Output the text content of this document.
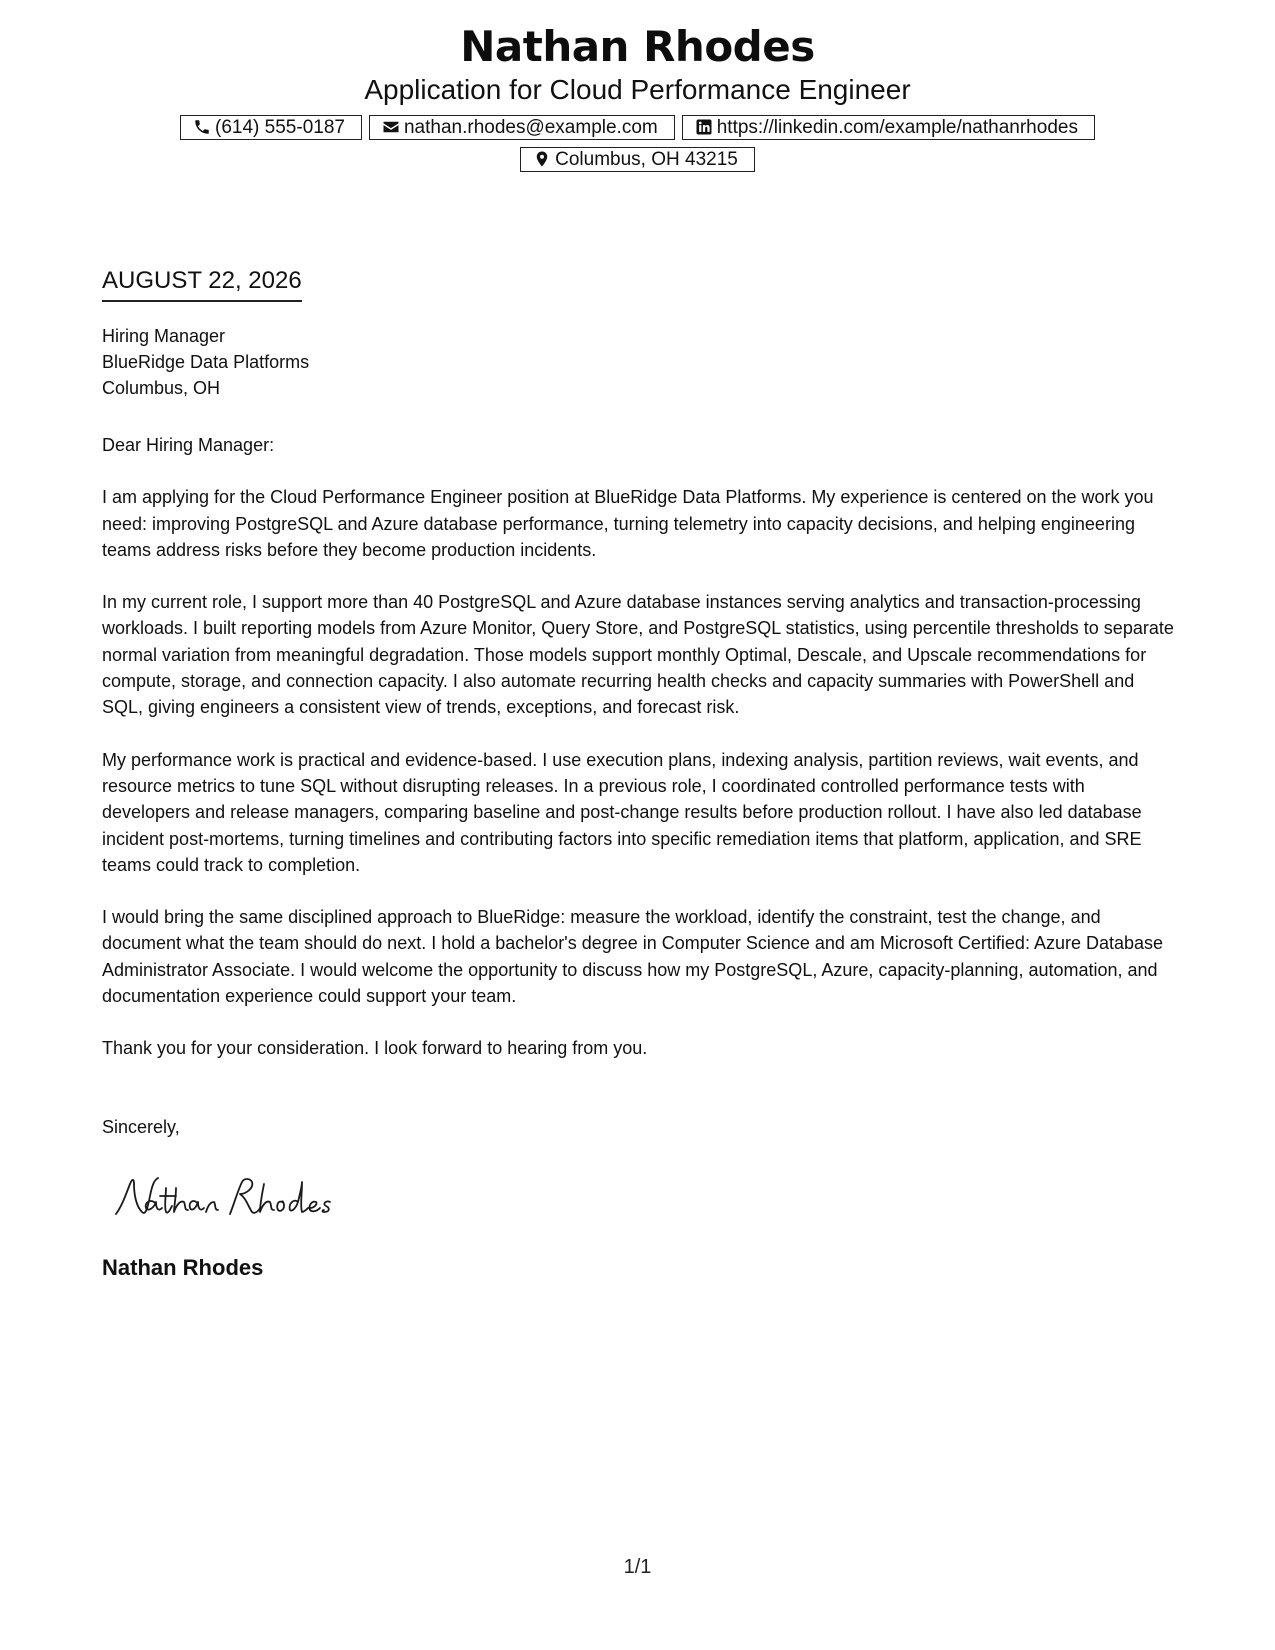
Nathan Rhodes
Application for Cloud Performance Engineer
(614) 555-0187	nathan.rhodes@example.com	https://linkedin.com/example/nathanrhodes
Columbus, OH 43215
AUGUST 22, 2026
Hiring Manager
BlueRidge Data Platforms
Columbus, OH

Dear Hiring Manager:

I am applying for the Cloud Performance Engineer position at BlueRidge Data Platforms. My experience is centered on the work you need: improving PostgreSQL and Azure database performance, turning telemetry into capacity decisions, and helping engineering teams address risks before they become production incidents.

In my current role, I support more than 40 PostgreSQL and Azure database instances serving analytics and transaction-processing workloads. I built reporting models from Azure Monitor, Query Store, and PostgreSQL statistics, using percentile thresholds to separate normal variation from meaningful degradation. Those models support monthly Optimal, Descale, and Upscale recommendations for compute, storage, and connection capacity. I also automate recurring health checks and capacity summaries with PowerShell and SQL, giving engineers a consistent view of trends, exceptions, and forecast risk.

My performance work is practical and evidence-based. I use execution plans, indexing analysis, partition reviews, wait events, and resource metrics to tune SQL without disrupting releases. In a previous role, I coordinated controlled performance tests with developers and release managers, comparing baseline and post-change results before production rollout. I have also led database incident post-mortems, turning timelines and contributing factors into specific remediation items that platform, application, and SRE teams could track to completion.

I would bring the same disciplined approach to BlueRidge: measure the workload, identify the constraint, test the change, and document what the team should do next. I hold a bachelor's degree in Computer Science and am Microsoft Certified: Azure Database Administrator Associate. I would welcome the opportunity to discuss how my PostgreSQL, Azure, capacity-planning, automation, and documentation experience could support your team.

Thank you for your consideration. I look forward to hearing from you.

Sincerely,
Nathan Rhodes
1/1
